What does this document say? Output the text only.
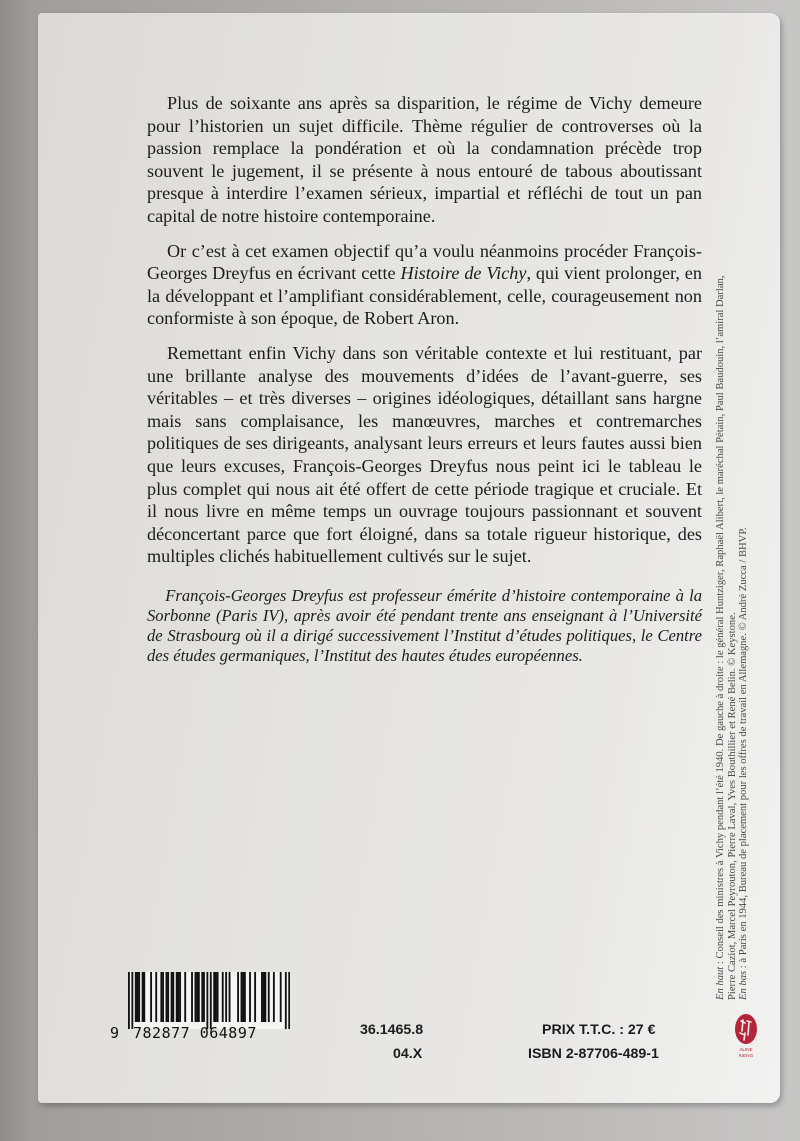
Plus de soixante ans après sa disparition, le régime de Vichy demeure pour l’historien un sujet difficile. Thème régulier de controverses où la passion remplace la pondération et où la condamnation précède trop souvent le jugement, il se présente à nous entouré de tabous aboutissant presque à interdire l’examen sérieux, impartial et réfléchi de tout un pan capital de notre histoire contemporaine.

Or c’est à cet examen objectif qu’a voulu néanmoins procéder François-Georges Dreyfus en écrivant cette Histoire de Vichy, qui vient prolonger, en la développant et l’amplifiant considérablement, celle, courageusement non conformiste à son époque, de Robert Aron.

Remettant enfin Vichy dans son véritable contexte et lui restituant, par une brillante analyse des mouvements d’idées de l’avant-guerre, ses véritables – et très diverses – origines idéologiques, détaillant sans hargne mais sans complaisance, les manœuvres, marches et contremarches politiques de ses dirigeants, analysant leurs erreurs et leurs fautes aussi bien que leurs excuses, François-Georges Dreyfus nous peint ici le tableau le plus complet qui nous ait été offert de cette période tragique et cruciale. Et il nous livre en même temps un ouvrage toujours passionnant et souvent déconcertant parce que fort éloigné, dans sa totale rigueur historique, des multiples clichés habituellement cultivés sur le sujet.

François-Georges Dreyfus est professeur émérite d’histoire contemporaine à la Sorbonne (Paris IV), après avoir été pendant trente ans enseignant à l’Université de Strasbourg où il a dirigé successivement l’Institut d’études politiques, le Centre des études germaniques, l’Institut des hautes études européennes.

En haut : Conseil des ministres à Vichy pendant l’été 1940. De gauche à droite : le général Huntziger, Raphaël Alibert, le maréchal Pétain, Paul Baudouin, l’amiral Darlan, Pierre Caziot, Marcel Peyrouton, Pierre Laval, Yves Bouthillier et René Belin. © Keystone. En bas : à Paris en 1944, Bureau de placement pour les offres de travail en Allemagne. © André Zucca / BHVP.
9 782877 064897	36.1465.8
04.X
PRIX T.T.C. : 27 €
ISBN 2-87706-489-1	ALINE
KIENG
